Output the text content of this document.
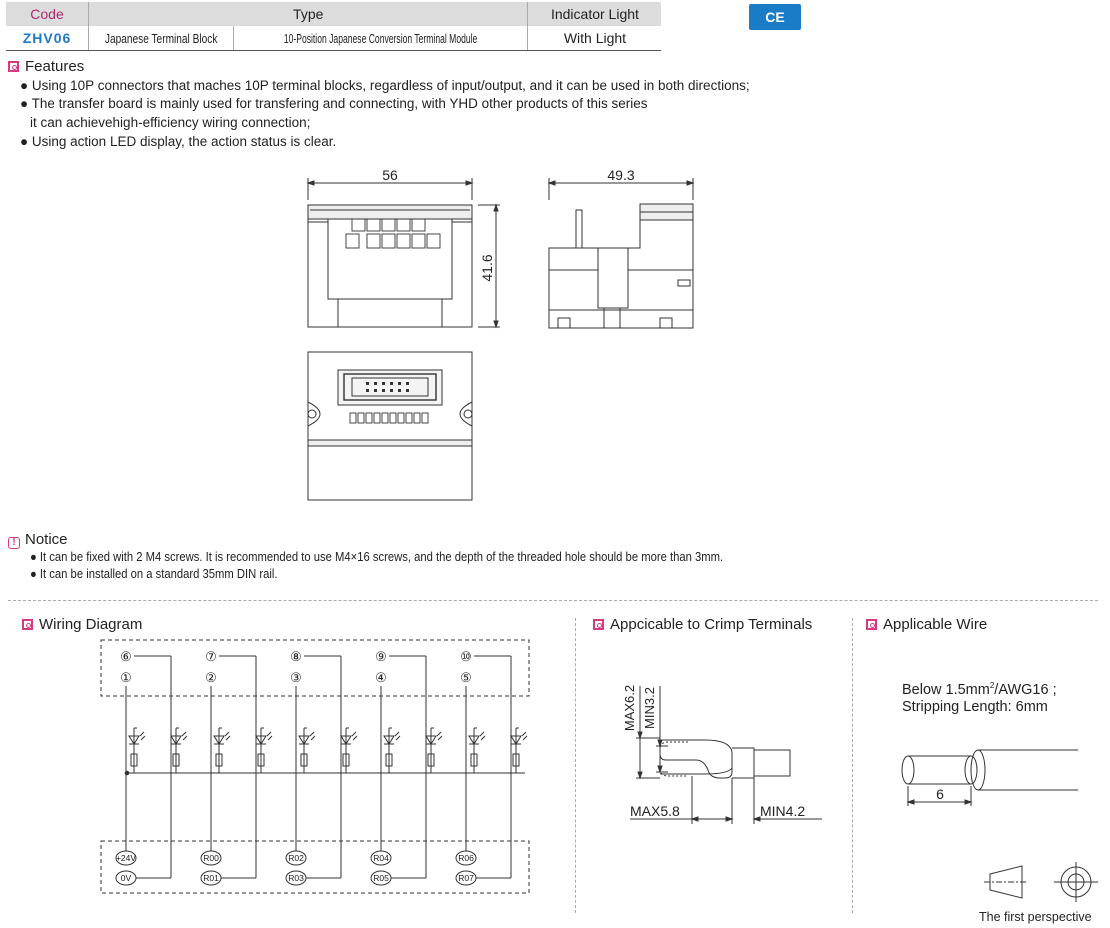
Code	Type		Indicator Light
ZHV06	Japanese Terminal Block	10-Position Japanese Conversion Terminal Module	With Light
CE
Features
● Using 10P connectors that maches 10P terminal blocks, regardless of input/output, and it can be used in both directions;
● The transfer board is mainly used for transfering and connecting, with YHD other products of this series
it can achievehigh-efficiency wiring connection;
● Using action LED display, the action status is clear.
56
41.6
49.3
! Notice
● It can be fixed with 2 M4 screws. It is recommended to use M4×16 screws, and the depth of the threaded hole should be more than 3mm.
● It can be installed on a standard 35mm DIN rail.
Wiring Diagram
⑥
①
+24V
0V
⑦
②
R00
R01
⑧
③
R02
R03
⑨
④
R04
R05
⑩
⑤
R06
R07
Appcicable to Crimp Terminals
MAX6.2 MIN3.2
MAX5.8	MIN4.2
Applicable Wire
Below $1.5mm^2/AWG16$ ;
Stripping Length: 6mm
6
The first perspective
